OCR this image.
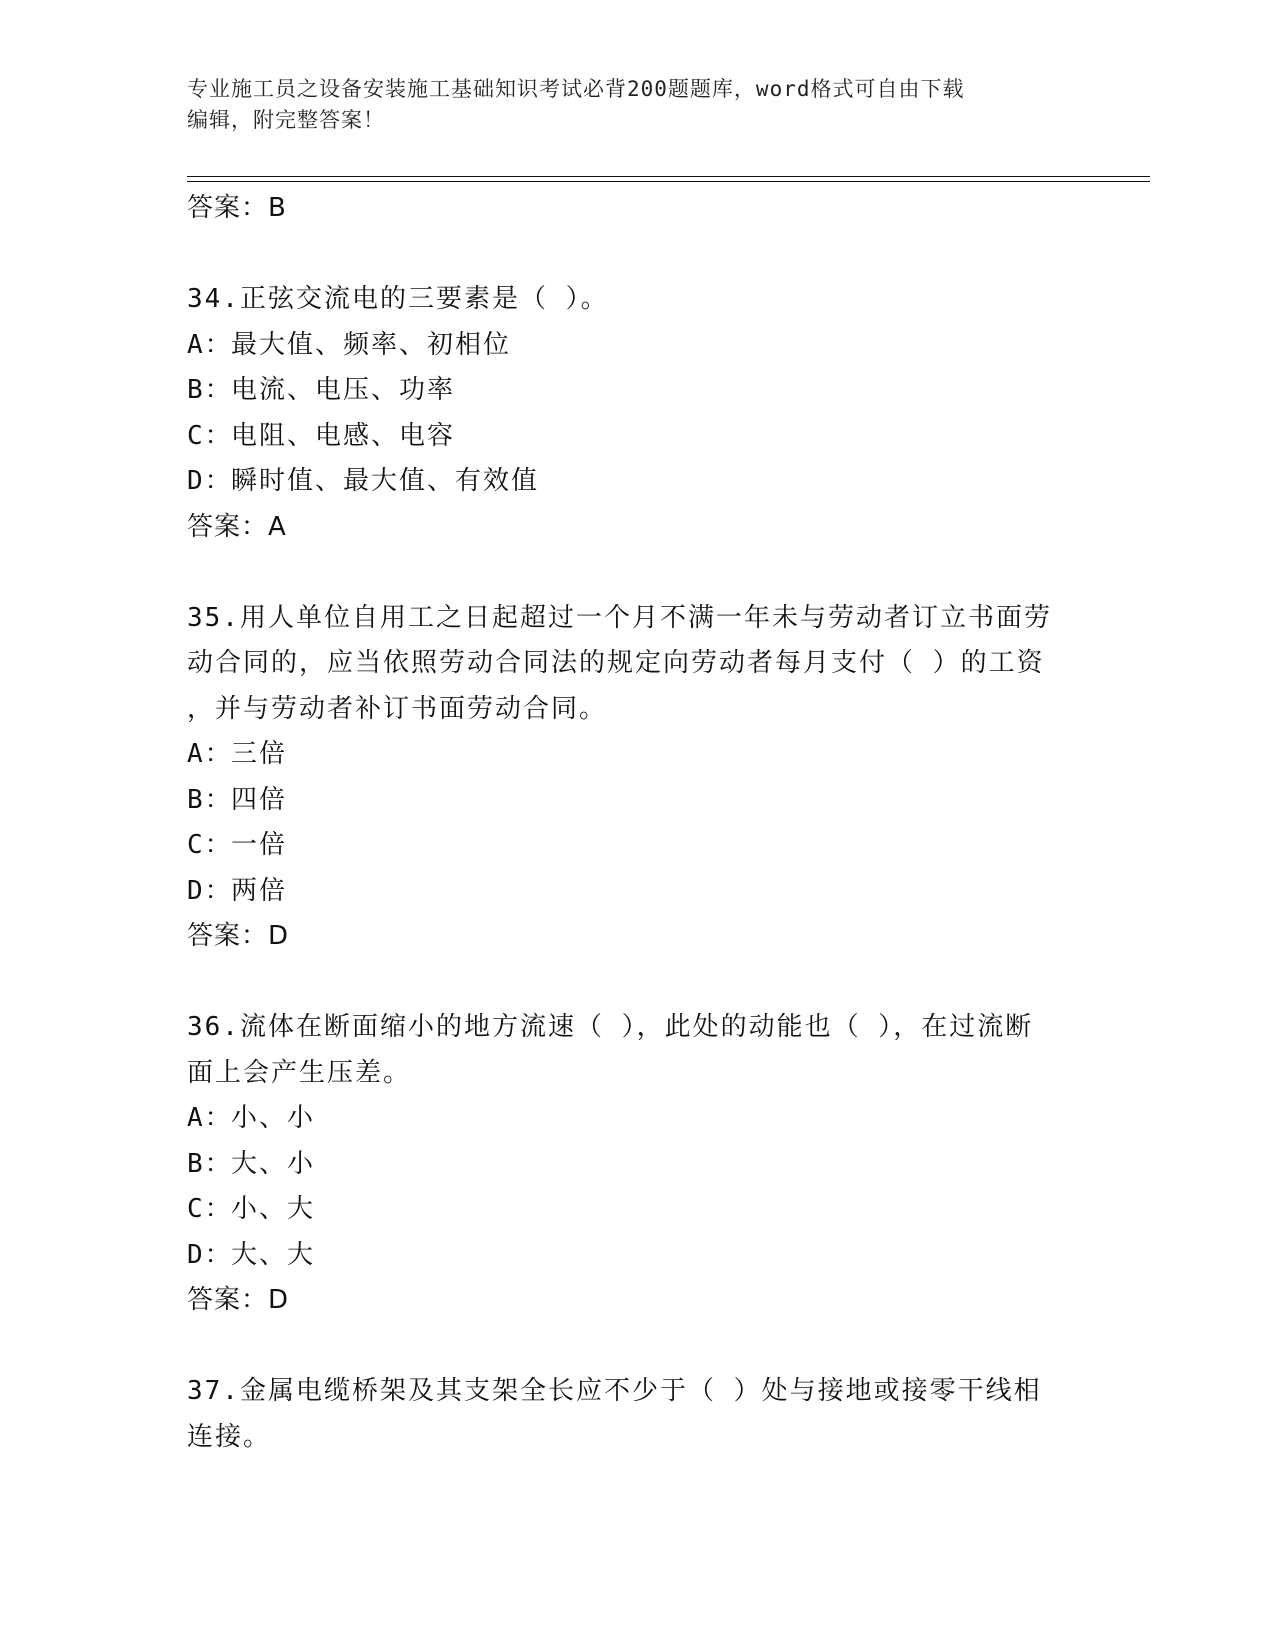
专业施工员之设备安装施工基础知识考试必背200题题库，word格式可自由下载
编辑，附完整答案！
答案：B
34.正弦交流电的三要素是（ ）。
A：最大值、频率、初相位
B：电流、电压、功率
C：电阻、电感、电容
D：瞬时值、最大值、有效值
答案：A
35.用人单位自用工之日起超过一个月不满一年未与劳动者订立书面劳
动合同的，应当依照劳动合同法的规定向劳动者每月支付（ ）的工资
，并与劳动者补订书面劳动合同。
A：三倍
B：四倍
C：一倍
D：两倍
答案：D
36.流体在断面缩小的地方流速（ ），此处的动能也（ ），在过流断
面上会产生压差。
A：小、小
B：大、小
C：小、大
D：大、大
答案：D
37.金属电缆桥架及其支架全长应不少于（ ）处与接地或接零干线相
连接。
